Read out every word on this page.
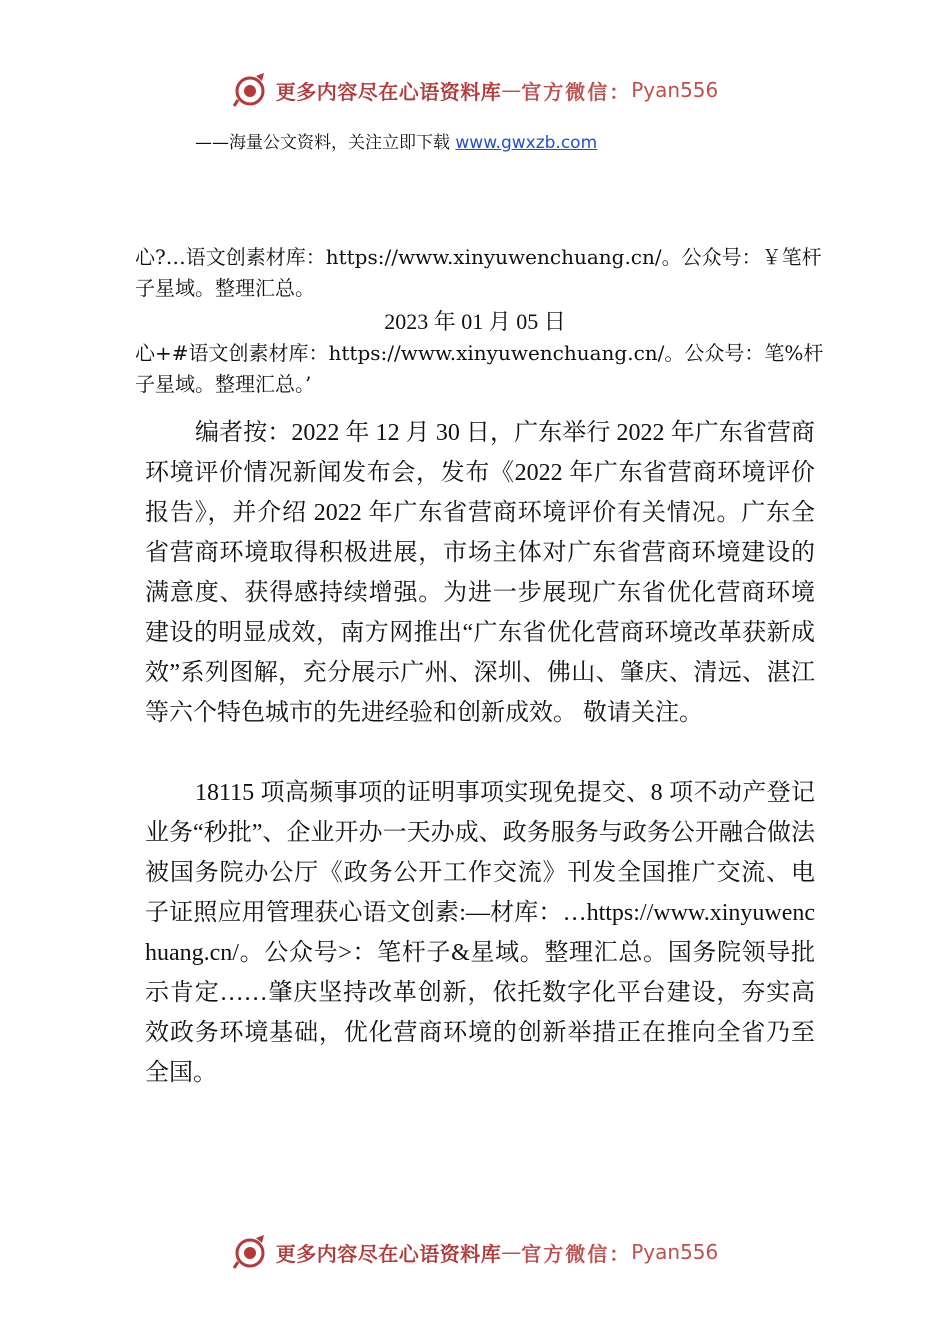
更多内容尽在心语资料库 — 官方微信： Pyan556
——海量公文资料，关注立即下载 www.gwxzb.com
心?…语文创素材库：https://www.xinyuwenchuang.cn/。公众号：￥笔杆子星域。整理汇总。
2023 年 01 月 05 日
心+#语文创素材库：https://www.xinyuwenchuang.cn/。公众号：笔%杆子星域。整理汇总。’
编者按：2022 年 12 月 30 日，广东举行 2022 年广东省营商环境评价情况新闻发布会，发布《2022 年广东省营商环境评价报告》，并介绍 2022 年广东省营商环境评价有关情况。广东全省营商环境取得积极进展，市场主体对广东省营商环境建设的满意度、获得感持续增强。为进一步展现广东省优化营商环境建设的明显成效，南方网推出“广东省优化营商环境改革获新成效”系列图解，充分展示广州、深圳、佛山、肇庆、清远、湛江等六个特色城市的先进经验和创新成效。 敬请关注。
18115 项高频事项的证明事项实现免提交、8 项不动产登记业务“秒批”、企业开办一天办成、政务服务与政务公开融合做法被国务院办公厅《政务公开工作交流》刊发全国推广交流、电子证照应用管理获心语文创素:—材库：…https://www.xinyuwenchuang.cn/。公众号>：笔杆子&星域。整理汇总。国务院领导批示肯定……肇庆坚持改革创新，依托数字化平台建设，夯实高效政务环境基础，优化营商环境的创新举措正在推向全省乃至全国。
更多内容尽在心语资料库 — 官方微信： Pyan556
